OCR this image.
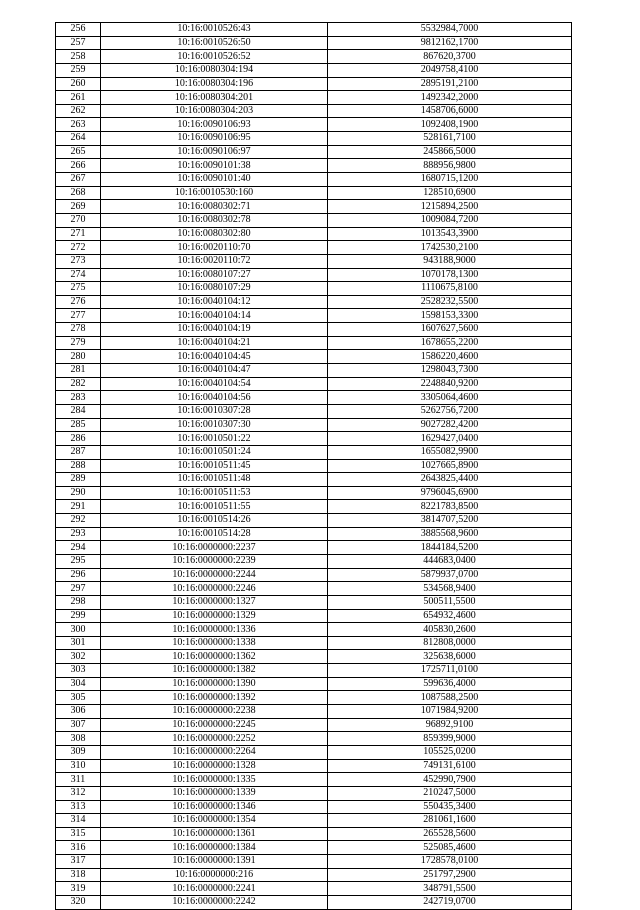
256	10:16:0010526:43	5532984,7000
257	10:16:0010526:50	9812162,1700
258	10:16:0010526:52	867620,3700
259	10:16:0080304:194	2049758,4100
260	10:16:0080304:196	2895191,2100
261	10:16:0080304:201	1492342,2000
262	10:16:0080304:203	1458706,6000
263	10:16:0090106:93	1092408,1900
264	10:16:0090106:95	528161,7100
265	10:16:0090106:97	245866,5000
266	10:16:0090101:38	888956,9800
267	10:16:0090101:40	1680715,1200
268	10:16:0010530:160	128510,6900
269	10:16:0080302:71	1215894,2500
270	10:16:0080302:78	1009084,7200
271	10:16:0080302:80	1013543,3900
272	10:16:0020110:70	1742530,2100
273	10:16:0020110:72	943188,9000
274	10:16:0080107:27	1070178,1300
275	10:16:0080107:29	1110675,8100
276	10:16:0040104:12	2528232,5500
277	10:16:0040104:14	1598153,3300
278	10:16:0040104:19	1607627,5600
279	10:16:0040104:21	1678655,2200
280	10:16:0040104:45	1586220,4600
281	10:16:0040104:47	1298043,7300
282	10:16:0040104:54	2248840,9200
283	10:16:0040104:56	3305064,4600
284	10:16:0010307:28	5262756,7200
285	10:16:0010307:30	9027282,4200
286	10:16:0010501:22	1629427,0400
287	10:16:0010501:24	1655082,9900
288	10:16:0010511:45	1027665,8900
289	10:16:0010511:48	2643825,4400
290	10:16:0010511:53	9796045,6900
291	10:16:0010511:55	8221783,8500
292	10:16:0010514:26	3814707,5200
293	10:16:0010514:28	3885568,9600
294	10:16:0000000:2237	1844184,5200
295	10:16:0000000:2239	444683,0400
296	10:16:0000000:2244	5879937,0700
297	10:16:0000000:2246	534568,9400
298	10:16:0000000:1327	500511,5500
299	10:16:0000000:1329	654932,4600
300	10:16:0000000:1336	405830,2600
301	10:16:0000000:1338	812808,0000
302	10:16:0000000:1362	325638,6000
303	10:16:0000000:1382	1725711,0100
304	10:16:0000000:1390	599636,4000
305	10:16:0000000:1392	1087588,2500
306	10:16:0000000:2238	1071984,9200
307	10:16:0000000:2245	96892,9100
308	10:16:0000000:2252	859399,9000
309	10:16:0000000:2264	105525,0200
310	10:16:0000000:1328	749131,6100
311	10:16:0000000:1335	452990,7900
312	10:16:0000000:1339	210247,5000
313	10:16:0000000:1346	550435,3400
314	10:16:0000000:1354	281061,1600
315	10:16:0000000:1361	265528,5600
316	10:16:0000000:1384	525085,4600
317	10:16:0000000:1391	1728578,0100
318	10:16:0000000:216	251797,2900
319	10:16:0000000:2241	348791,5500
320	10:16:0000000:2242	242719,0700
